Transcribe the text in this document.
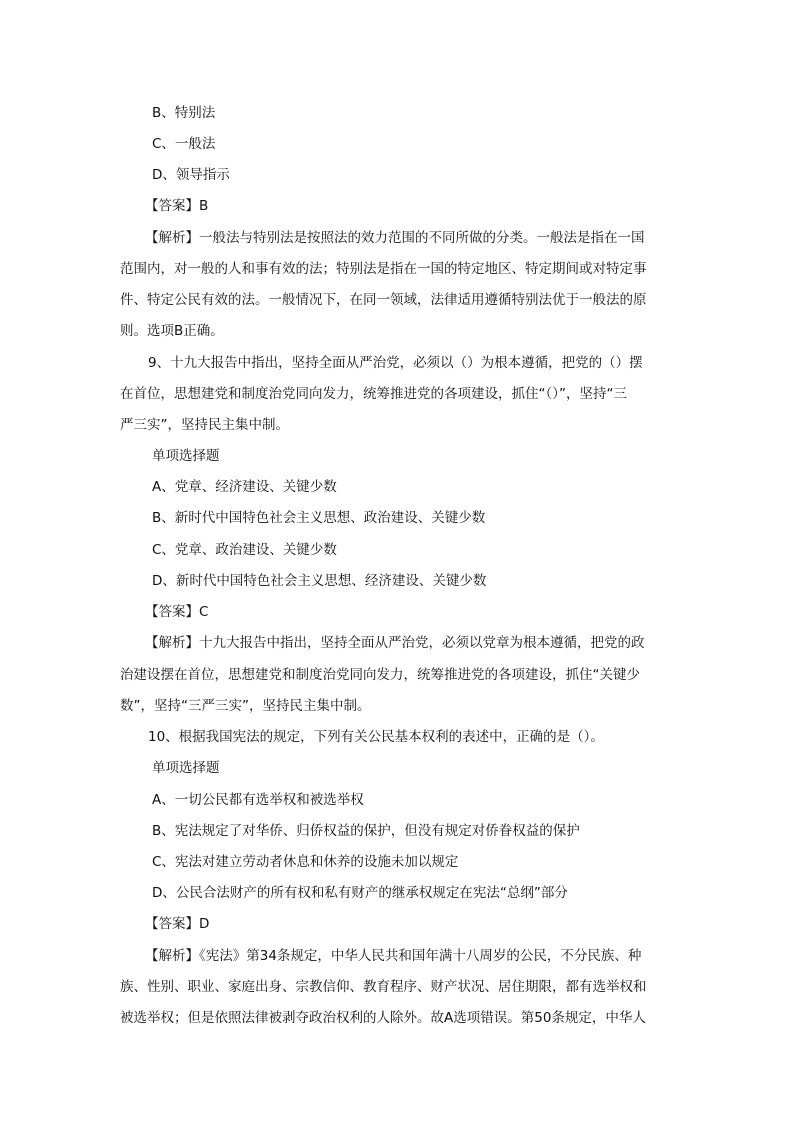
B、特别法
C、一般法
D、领导指示
【答案】B
【解析】一般法与特别法是按照法的效力范围的不同所做的分类。一般法是指在一国
范围内，对一般的人和事有效的法；特别法是指在一国的特定地区、特定期间或对特定事
件、特定公民有效的法。一般情况下，在同一领域，法律适用遵循特别法优于一般法的原
则。选项B正确。
9、十九大报告中指出，坚持全面从严治党，必须以（）为根本遵循，把党的（）摆
在首位，思想建党和制度治党同向发力，统筹推进党的各项建设，抓住“（）”，坚持“三
严三实”，坚持民主集中制。
单项选择题
A、党章、经济建设、关键少数
B、新时代中国特色社会主义思想、政治建设、关键少数
C、党章、政治建设、关键少数
D、新时代中国特色社会主义思想、经济建设、关键少数
【答案】C
【解析】十九大报告中指出，坚持全面从严治党，必须以党章为根本遵循，把党的政
治建设摆在首位，思想建党和制度治党同向发力，统筹推进党的各项建设，抓住“关键少
数”，坚持“三严三实”，坚持民主集中制。
10、根据我国宪法的规定，下列有关公民基本权利的表述中，正确的是（）。
单项选择题
A、一切公民都有选举权和被选举权
B、宪法规定了对华侨、归侨权益的保护，但没有规定对侨眷权益的保护
C、宪法对建立劳动者休息和休养的设施未加以规定
D、公民合法财产的所有权和私有财产的继承权规定在宪法“总纲”部分
【答案】D
【解析】《宪法》第34条规定，中华人民共和国年满十八周岁的公民，不分民族、种
族、性别、职业、家庭出身、宗教信仰、教育程序、财产状况、居住期限，都有选举权和
被选举权；但是依照法律被剥夺政治权利的人除外。故A选项错误。第50条规定，中华人
